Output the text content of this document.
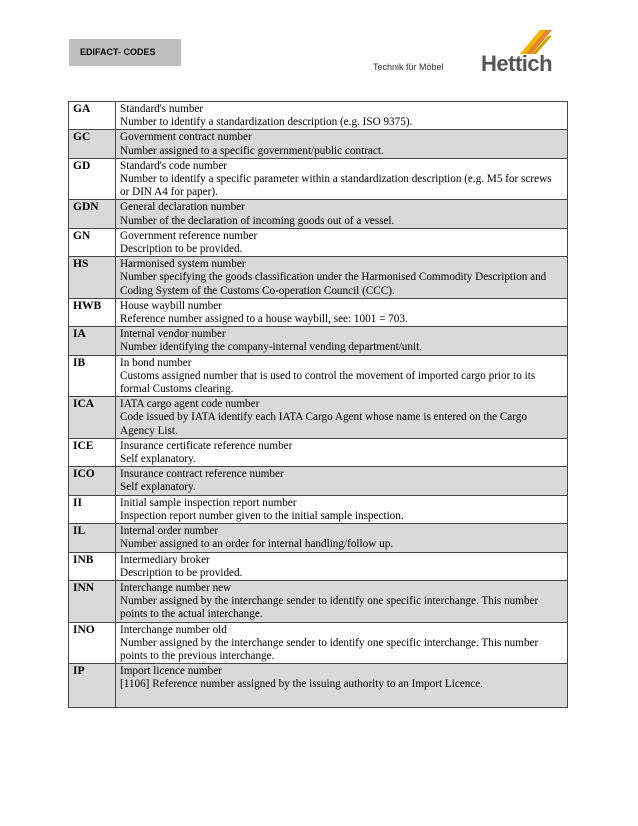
EDIFACT- CODES	Hettich
Technik für Möbel
GA	Standard's number
Number to identify a standardization description (e.g. ISO 9375).

GC	Government contract number
Number assigned to a specific government/public contract.

GD	Standard's code number
Number to identify a specific parameter within a standardization description (e.g. M5 for screws or DIN A4 for paper).

GDN	General declaration number
Number of the declaration of incoming goods out of a vessel.

GN	Government reference number
Description to be provided.

HS	Harmonised system number
Number specifying the goods classification under the Harmonised Commodity Description and Coding System of the Customs Co-operation Council (CCC).

HWB	House waybill number
Reference number assigned to a house waybill, see: 1001 = 703.

IA	Internal vendor number
Number identifying the company-internal vending department/unit.

IB	In bond number
Customs assigned number that is used to control the movement of imported cargo prior to its formal Customs clearing.

ICA	IATA cargo agent code number
Code issued by IATA identify each IATA Cargo Agent whose name is entered on the Cargo Agency List.

ICE	Insurance certificate reference number
Self explanatory.

ICO	Insurance contract reference number
Self explanatory.

II	Initial sample inspection report number
Inspection report number given to the initial sample inspection.

IL	Internal order number
Number assigned to an order for internal handling/follow up.

INB	Intermediary broker
Description to be provided.

INN	Interchange number new
Number assigned by the interchange sender to identify one specific interchange. This number points to the actual interchange.

INO	Interchange number old
Number assigned by the interchange sender to identify one specific interchange. This number points to the previous interchange.

IP	Import licence number
[1106] Reference number assigned by the issuing authority to an Import Licence.
